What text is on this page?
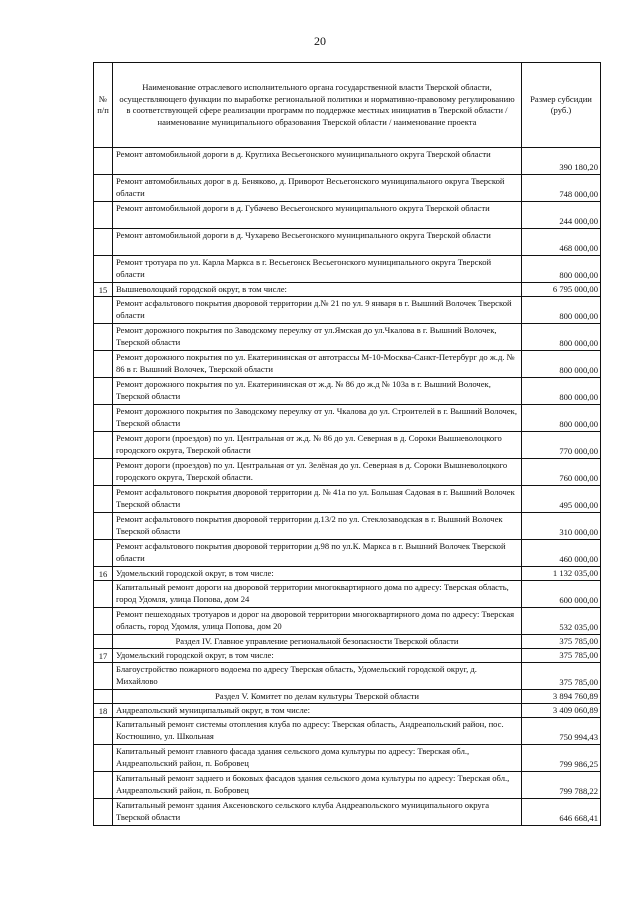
20
№ п/п	Наименование отраслевого исполнительного органа государственной власти Тверской области, осуществляющего функции по выработке региональной политики и нормативно-правовому регулированию в соответствующей сфере реализации программ по поддержке местных инициатив в Тверской области / наименование муниципального образования Тверской области / наименование проекта	Размер субсидии (руб.)
	Ремонт автомобильной дороги в д. Круглиха Весьегонского муниципального округа Тверской области	390 180,20
	Ремонт автомобильных дорог в д. Беняково, д. Приворот Весьегонского муниципального округа Тверской области	748 000,00
	Ремонт автомобильной дороги в д. Губачево Весьегонского муниципального округа Тверской области	244 000,00
	Ремонт автомобильной дороги в д. Чухарево Весьегонского муниципального округа Тверской области	468 000,00
	Ремонт тротуара по ул. Карла Маркса в г. Весьегонск Весьегонского муниципального округа Тверской области	800 000,00
15	Вышневолоцкий городской округ, в том числе:	6 795 000,00
	Ремонт асфальтового покрытия дворовой территории д.№ 21 по ул. 9 января в г. Вышний Волочек Тверской области	800 000,00
	Ремонт дорожного покрытия по Заводскому переулку от ул.Ямская до ул.Чкалова в г. Вышний Волочек, Тверской области	800 000,00
	Ремонт дорожного покрытия по ул. Екатерининская от автотрассы М-10-Москва-Санкт-Петербург до ж.д. № 86 в г. Вышний Волочек, Тверской области	800 000,00
	Ремонт дорожного покрытия по ул. Екатерининская от ж.д. № 86 до ж.д № 103а в г. Вышний Волочек, Тверской области	800 000,00
	Ремонт дорожного покрытия по Заводскому переулку от ул. Чкалова до ул. Строителей в г. Вышний Волочек, Тверской области	800 000,00
	Ремонт дороги (проездов) по ул. Центральная от ж.д. № 86 до ул. Северная в д. Сороки Вышневолоцкого городского округа, Тверской области	770 000,00
	Ремонт дороги (проездов) по ул. Центральная от ул. Зелёная до ул. Северная в д. Сороки Вышневолоцкого городского округа, Тверской области.	760 000,00
	Ремонт асфальтового покрытия дворовой территории д. № 41а по ул. Большая Садовая в г. Вышний Волочек Тверской области	495 000,00
	Ремонт асфальтового покрытия дворовой территории д.13/2 по ул. Стеклозаводская в г. Вышний Волочек Тверской области	310 000,00
	Ремонт асфальтового покрытия дворовой территории д.98 по ул.К. Маркса в г. Вышний Волочек Тверской области	460 000,00
16	Удомельский городской округ, в том числе:	1 132 035,00
	Капитальный ремонт дороги на дворовой территории многоквартирного дома по адресу: Тверская область, город Удомля, улица Попова, дом 24	600 000,00
	Ремонт пешеходных тротуаров и дорог на дворовой территории многоквартирного дома по адресу: Тверская область, город Удомля, улица Попова, дом 20	532 035,00
	Раздел IV. Главное управление региональной безопасности Тверской области	375 785,00
17	Удомельский городской округ, в том числе:	375 785,00
	Благоустройство пожарного водоема по адресу Тверская область, Удомельский городской округ, д. Михайлово	375 785,00
	Раздел V. Комитет по делам культуры Тверской области	3 894 760,89
18	Андреапольский муниципальный округ, в том числе:	3 409 060,89
	Капитальный ремонт системы отопления клуба по адресу: Тверская область, Андреапольский район, пос. Костюшино, ул. Школьная	750 994,43
	Капитальный ремонт главного фасада здания сельского дома культуры по адресу: Тверская обл., Андреапольский район, п. Бобровец	799 986,25
	Капитальный ремонт заднего и боковых фасадов здания сельского дома культуры по адресу: Тверская обл., Андреапольский район, п. Бобровец	799 788,22
	Капитальный ремонт здания Аксеновского сельского клуба Андреапольского муниципального округа Тверской области	646 668,41
